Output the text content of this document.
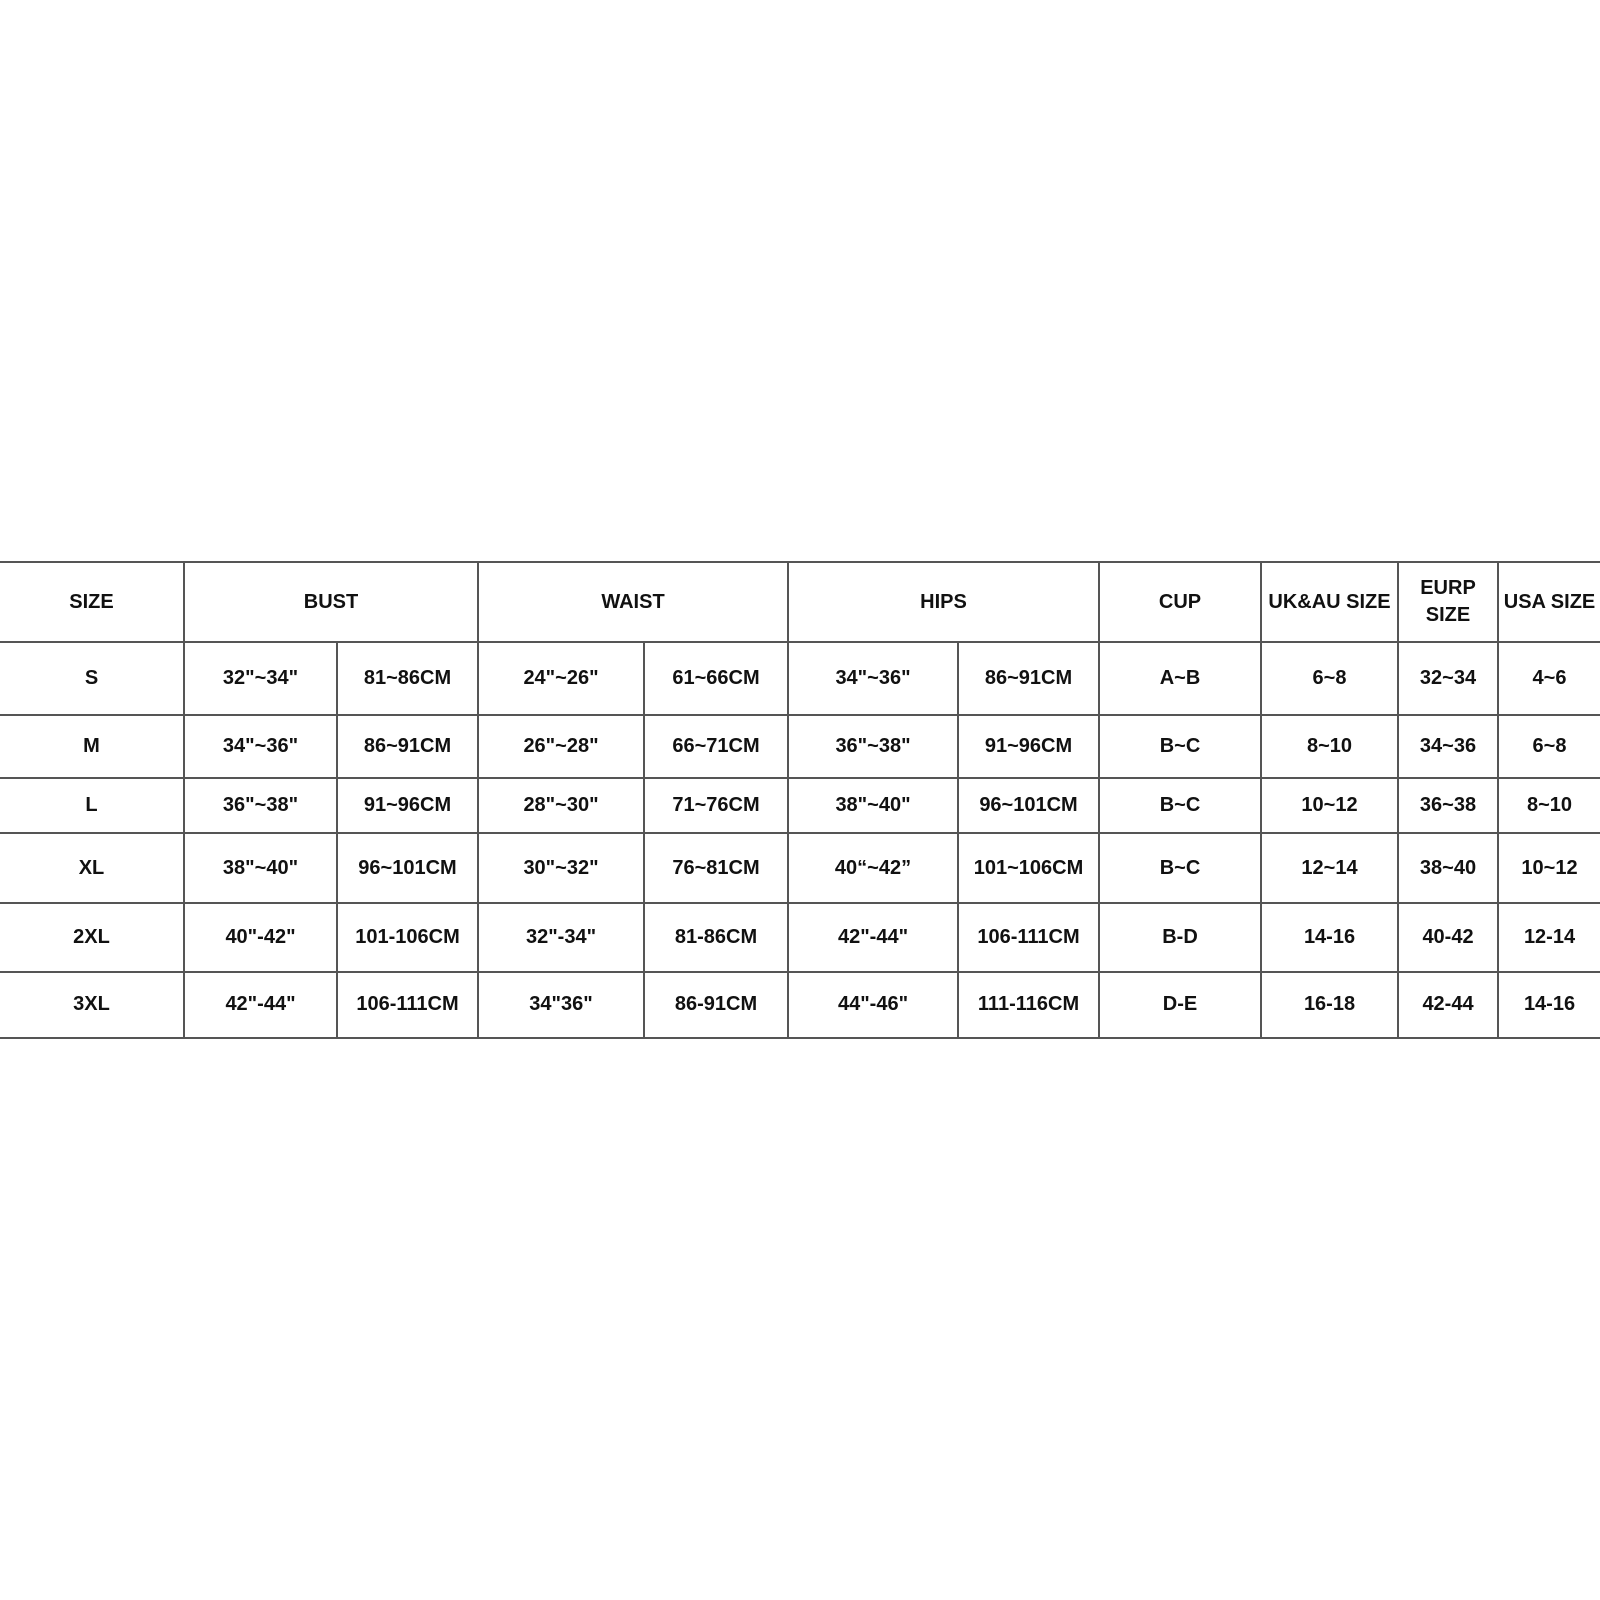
SIZE	BUST		WAIST		HIPS		CUP	UK&AU SIZE	EURP SIZE	USA SIZE
S	32"~34"	81~86CM	24"~26"	61~66CM	34"~36"	86~91CM	A~B	6~8	32~34	4~6
M	34"~36"	86~91CM	26"~28"	66~71CM	36"~38"	91~96CM	B~C	8~10	34~36	6~8
L	36"~38"	91~96CM	28"~30"	71~76CM	38"~40"	96~101CM	B~C	10~12	36~38	8~10
XL	38"~40"	96~101CM	30"~32"	76~81CM	40“~42”	101~106CM	B~C	12~14	38~40	10~12
2XL	40"-42"	101-106CM	32"-34"	81-86CM	42"-44"	106-111CM	B-D	14-16	40-42	12-14
3XL	42"-44"	106-111CM	34"36"	86-91CM	44"-46"	111-116CM	D-E	16-18	42-44	14-16
